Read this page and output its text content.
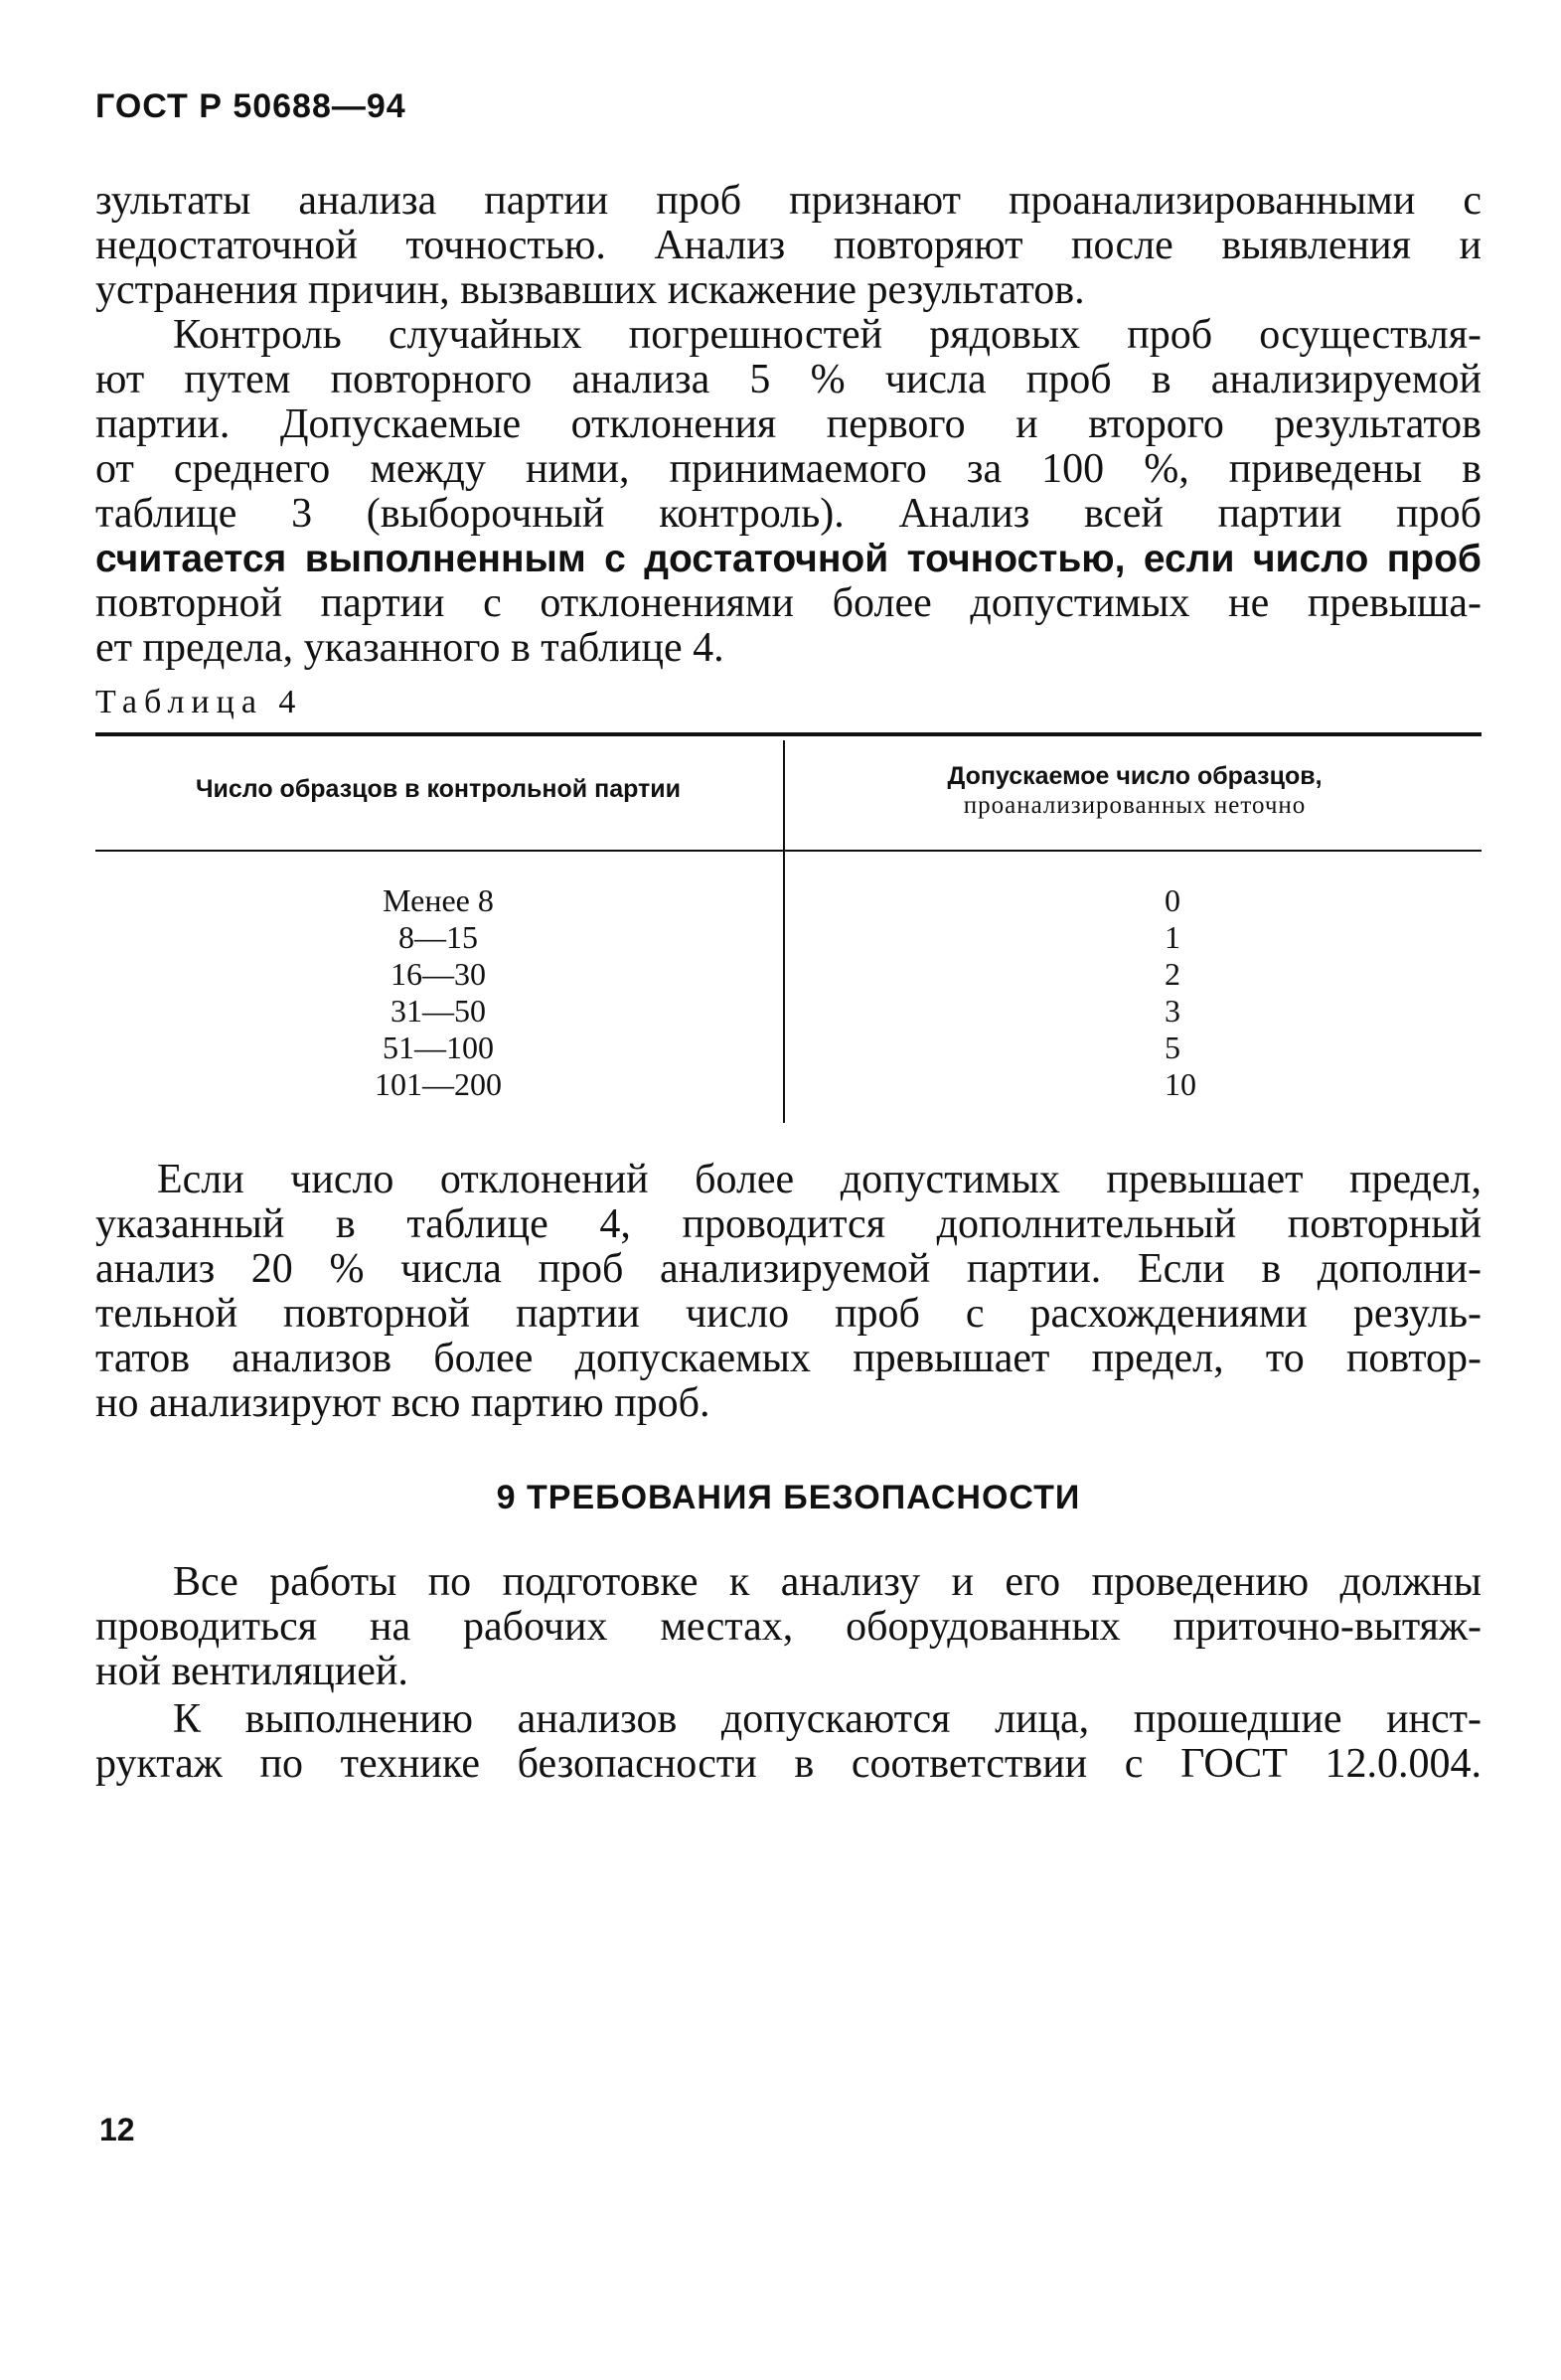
ГОСТ Р 50688—94
зультаты анализа партии проб признают проанализированными с
недостаточной точностью. Анализ повторяют после выявления и
устранения причин, вызвавших искажение результатов.
Контроль случайных погрешностей рядовых проб осуществля-
ют путем повторного анализа 5 % числа проб в анализируемой
партии. Допускаемые отклонения первого и второго результатов
от среднего между ними, принимаемого за 100 %, приведены в
таблице 3 (выборочный контроль). Анализ всей партии проб
считается выполненным с достаточной точностью, если число проб
повторной партии с отклонениями более допустимых не превыша-
ет предела, указанного в таблице 4.
Таблица 4
Число образцов в контрольной партии	Допускаемое число образцов,
проанализированных неточно
Менее 8
8—15
16—30
31—50
51—100
101—200
0
1
2
3
5
10
Если число отклонений более допустимых превышает предел,
указанный в таблице 4, проводится дополнительный повторный
анализ 20 % числа проб анализируемой партии. Если в дополни-
тельной повторной партии число проб с расхождениями резуль-
татов анализов более допускаемых превышает предел, то повтор-
но анализируют всю партию проб.
9 ТРЕБОВАНИЯ БЕЗОПАСНОСТИ
Все работы по подготовке к анализу и его проведению должны
проводиться на рабочих местах, оборудованных приточно-вытяж-
ной вентиляцией.
К выполнению анализов допускаются лица, прошедшие инст-
руктаж по технике безопасности в соответствии с ГОСТ 12.0.004.
12
